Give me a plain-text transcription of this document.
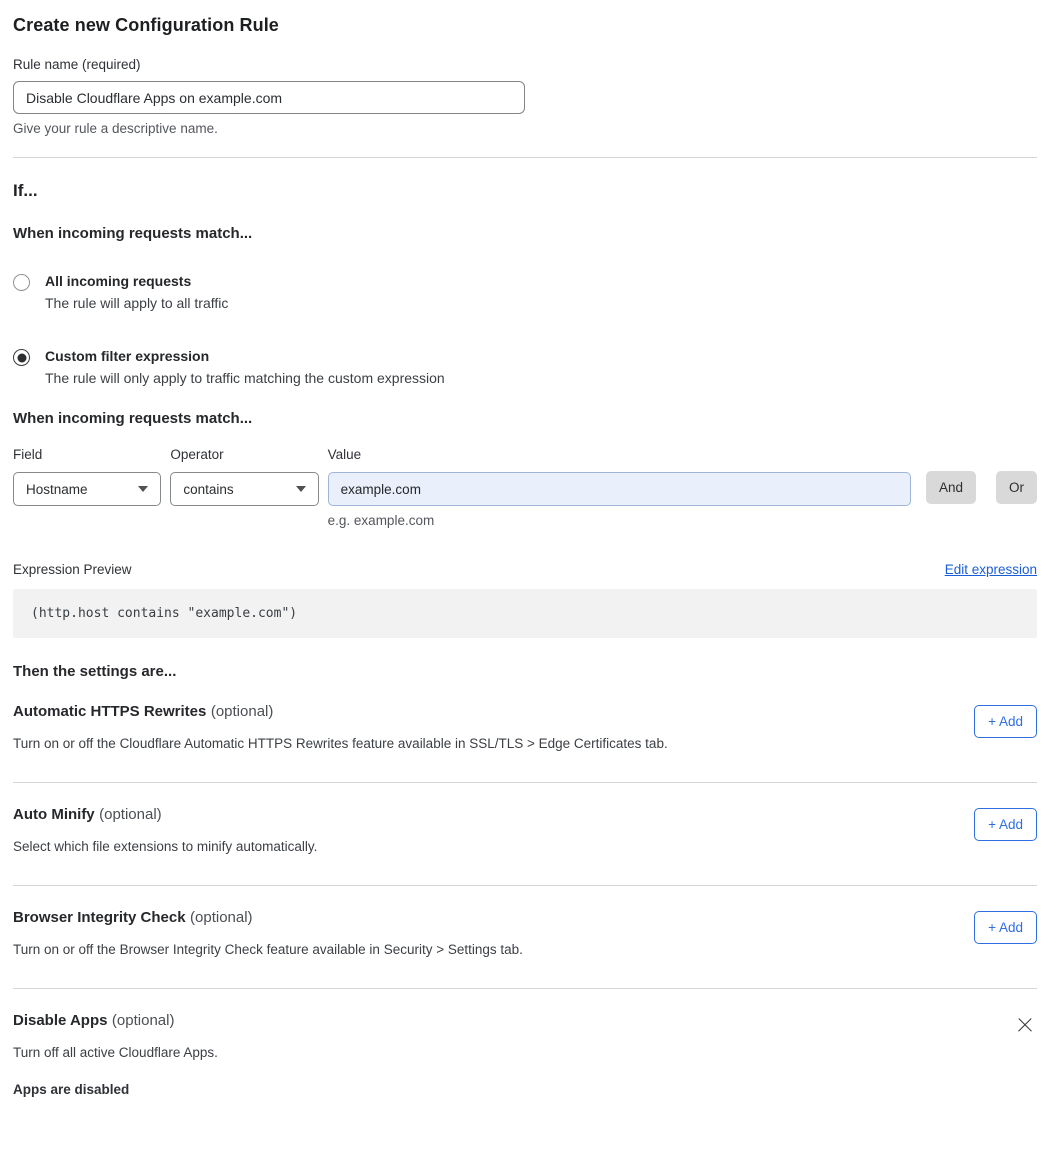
Create new Configuration Rule
Rule name (required)
Disable Cloudflare Apps on example.com
Give your rule a descriptive name.
If...
When incoming requests match...
All incoming requests
The rule will apply to all traffic
Custom filter expression
The rule will only apply to traffic matching the custom expression
When incoming requests match...
Field
Hostname
Operator
contains
Value
example.com
e.g. example.com
And	Or
Expression Preview	Edit expression
(http.host contains "example.com")
Then the settings are...
Automatic HTTPS Rewrites (optional)
Turn on or off the Cloudflare Automatic HTTPS Rewrites feature available in SSL/TLS > Edge Certificates tab.
+ Add
Auto Minify (optional)
Select which file extensions to minify automatically.
+ Add
Browser Integrity Check (optional)
Turn on or off the Browser Integrity Check feature available in Security > Settings tab.
+ Add
Disable Apps (optional)
Turn off all active Cloudflare Apps.
Apps are disabled
